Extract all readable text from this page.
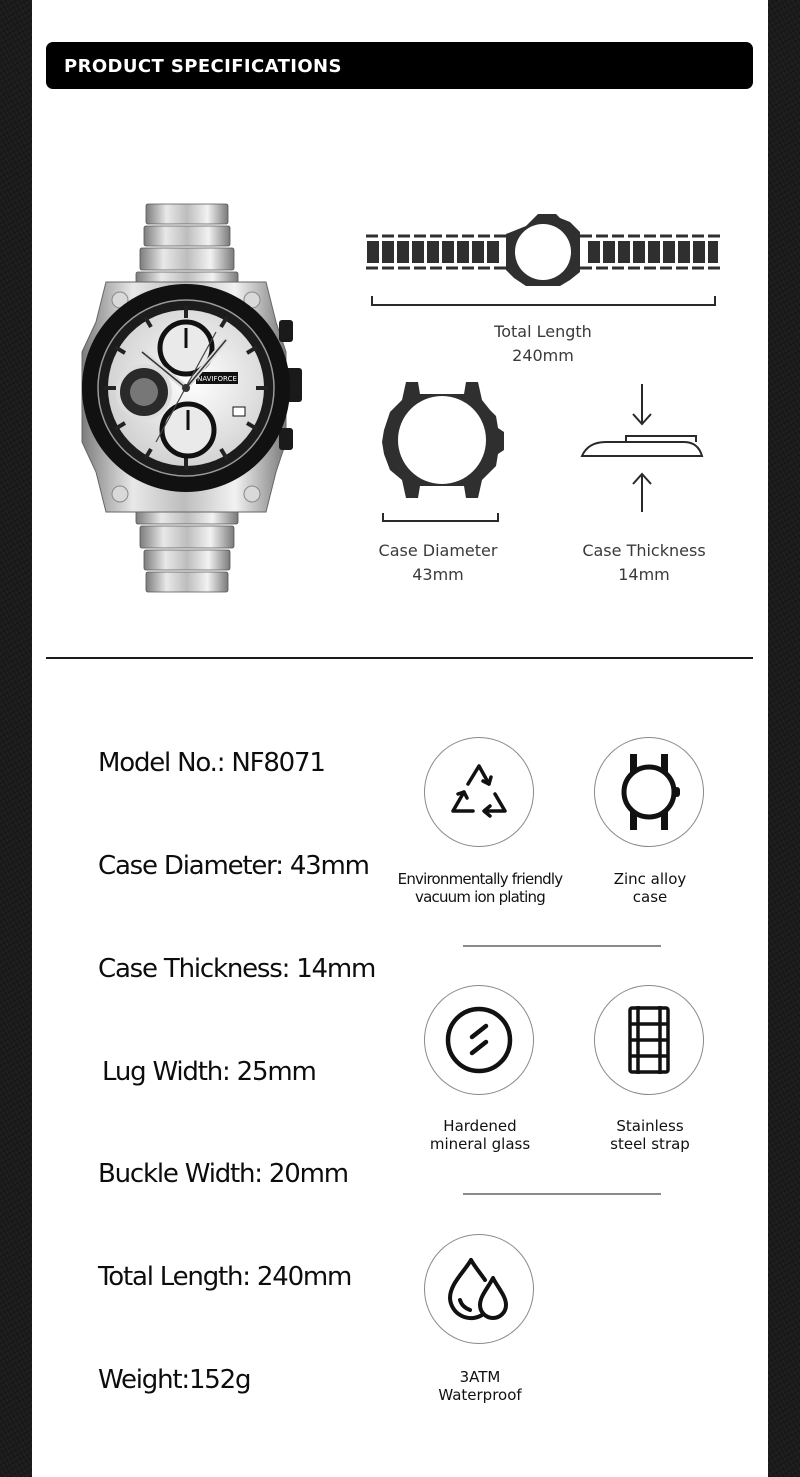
PRODUCT SPECIFICATIONS
NAVIFORCE
Total Length
240mm
Case Diameter
43mm
Case Thickness
14mm
Model No.: NF8071
Case Diameter: 43mm
Case Thickness: 14mm
Lug Width: 25mm
Buckle Width: 20mm
Total Length: 240mm
Weight:152g
Environmentally friendly
vacuum ion plating
Zinc alloy
case
Hardened
mineral glass
Stainless
steel strap
3ATM
Waterproof
